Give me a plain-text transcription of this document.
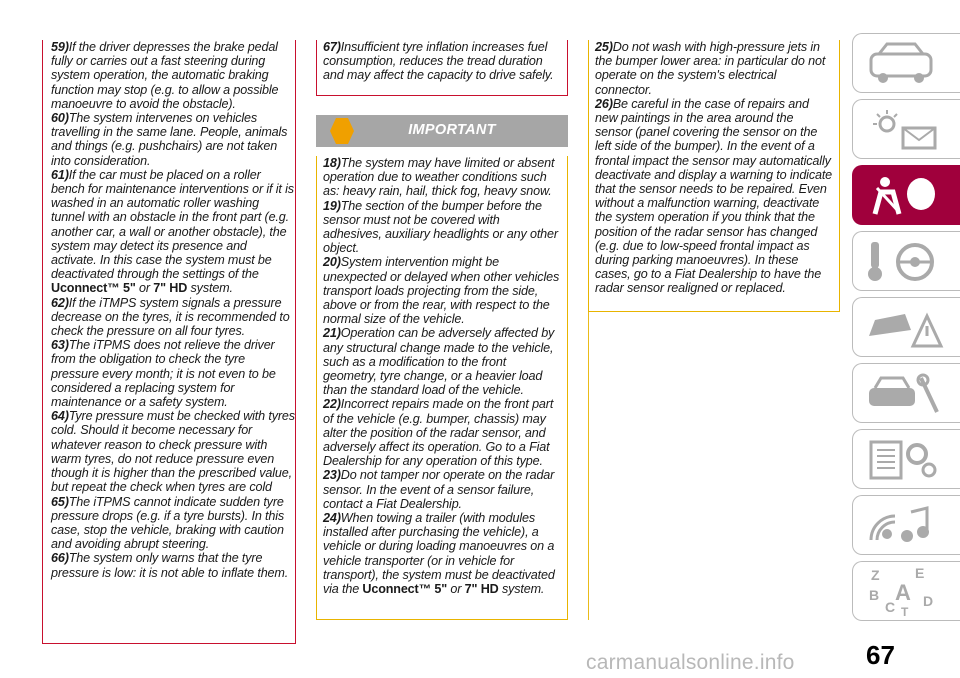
59)If the driver depresses the brake pedal fully or carries out a fast steering during system operation, the automatic braking function may stop (e.g. to allow a possible manoeuvre to avoid the obstacle).

60)The system intervenes on vehicles travelling in the same lane. People, animals and things (e.g. pushchairs) are not taken into consideration.

61)If the car must be placed on a roller bench for maintenance interventions or if it is washed in an automatic roller washing tunnel with an obstacle in the front part (e.g. another car, a wall or another obstacle), the system may detect its presence and activate. In this case the system must be deactivated through the settings of the Uconnect™ 5" or 7" HD system.

62)If the iTMPS system signals a pressure decrease on the tyres, it is recommended to check the pressure on all four tyres.

63)The iTPMS does not relieve the driver from the obligation to check the tyre pressure every month; it is not even to be considered a replacing system for maintenance or a safety system.

64)Tyre pressure must be checked with tyres cold. Should it become necessary for whatever reason to check pressure with warm tyres, do not reduce pressure even though it is higher than the prescribed value, but repeat the check when tyres are cold

65)The iTPMS cannot indicate sudden tyre pressure drops (e.g. if a tyre bursts). In this case, stop the vehicle, braking with caution and avoiding abrupt steering.

66)The system only warns that the tyre pressure is low: it is not able to inflate them.

67)Insufficient tyre inflation increases fuel consumption, reduces the tread duration and may affect the capacity to drive safely.

IMPORTANT

18)The system may have limited or absent operation due to weather conditions such as: heavy rain, hail, thick fog, heavy snow.

19)The section of the bumper before the sensor must not be covered with adhesives, auxiliary headlights or any other object.

20)System intervention might be unexpected or delayed when other vehicles transport loads projecting from the side, above or from the rear, with respect to the normal size of the vehicle.

21)Operation can be adversely affected by any structural change made to the vehicle, such as a modification to the front geometry, tyre change, or a heavier load than the standard load of the vehicle.

22)Incorrect repairs made on the front part of the vehicle (e.g. bumper, chassis) may alter the position of the radar sensor, and adversely affect its operation. Go to a Fiat Dealership for any operation of this type.

23)Do not tamper nor operate on the radar sensor. In the event of a sensor failure, contact a Fiat Dealership.

24)When towing a trailer (with modules installed after purchasing the vehicle), a vehicle or during loading manoeuvres on a vehicle transporter (or in vehicle for transport), the system must be deactivated via the Uconnect™ 5" or 7" HD system.

25)Do not wash with high-pressure jets in the bumper lower area: in particular do not operate on the system's electrical connector.

26)Be careful in the case of repairs and new paintings in the area around the sensor (panel covering the sensor on the left side of the bumper). In the event of a frontal impact the sensor may automatically deactivate and display a warning to indicate that the sensor needs to be repaired. Even without a malfunction warning, deactivate the system operation if you think that the position of the radar sensor has changed (e.g. due to low-speed frontal impact as during parking manoeuvres). In these cases, go to a Fiat Dealership to have the radar sensor realigned or replaced.

Z	E
B A
C D
T
67
carmanualsonline.info
